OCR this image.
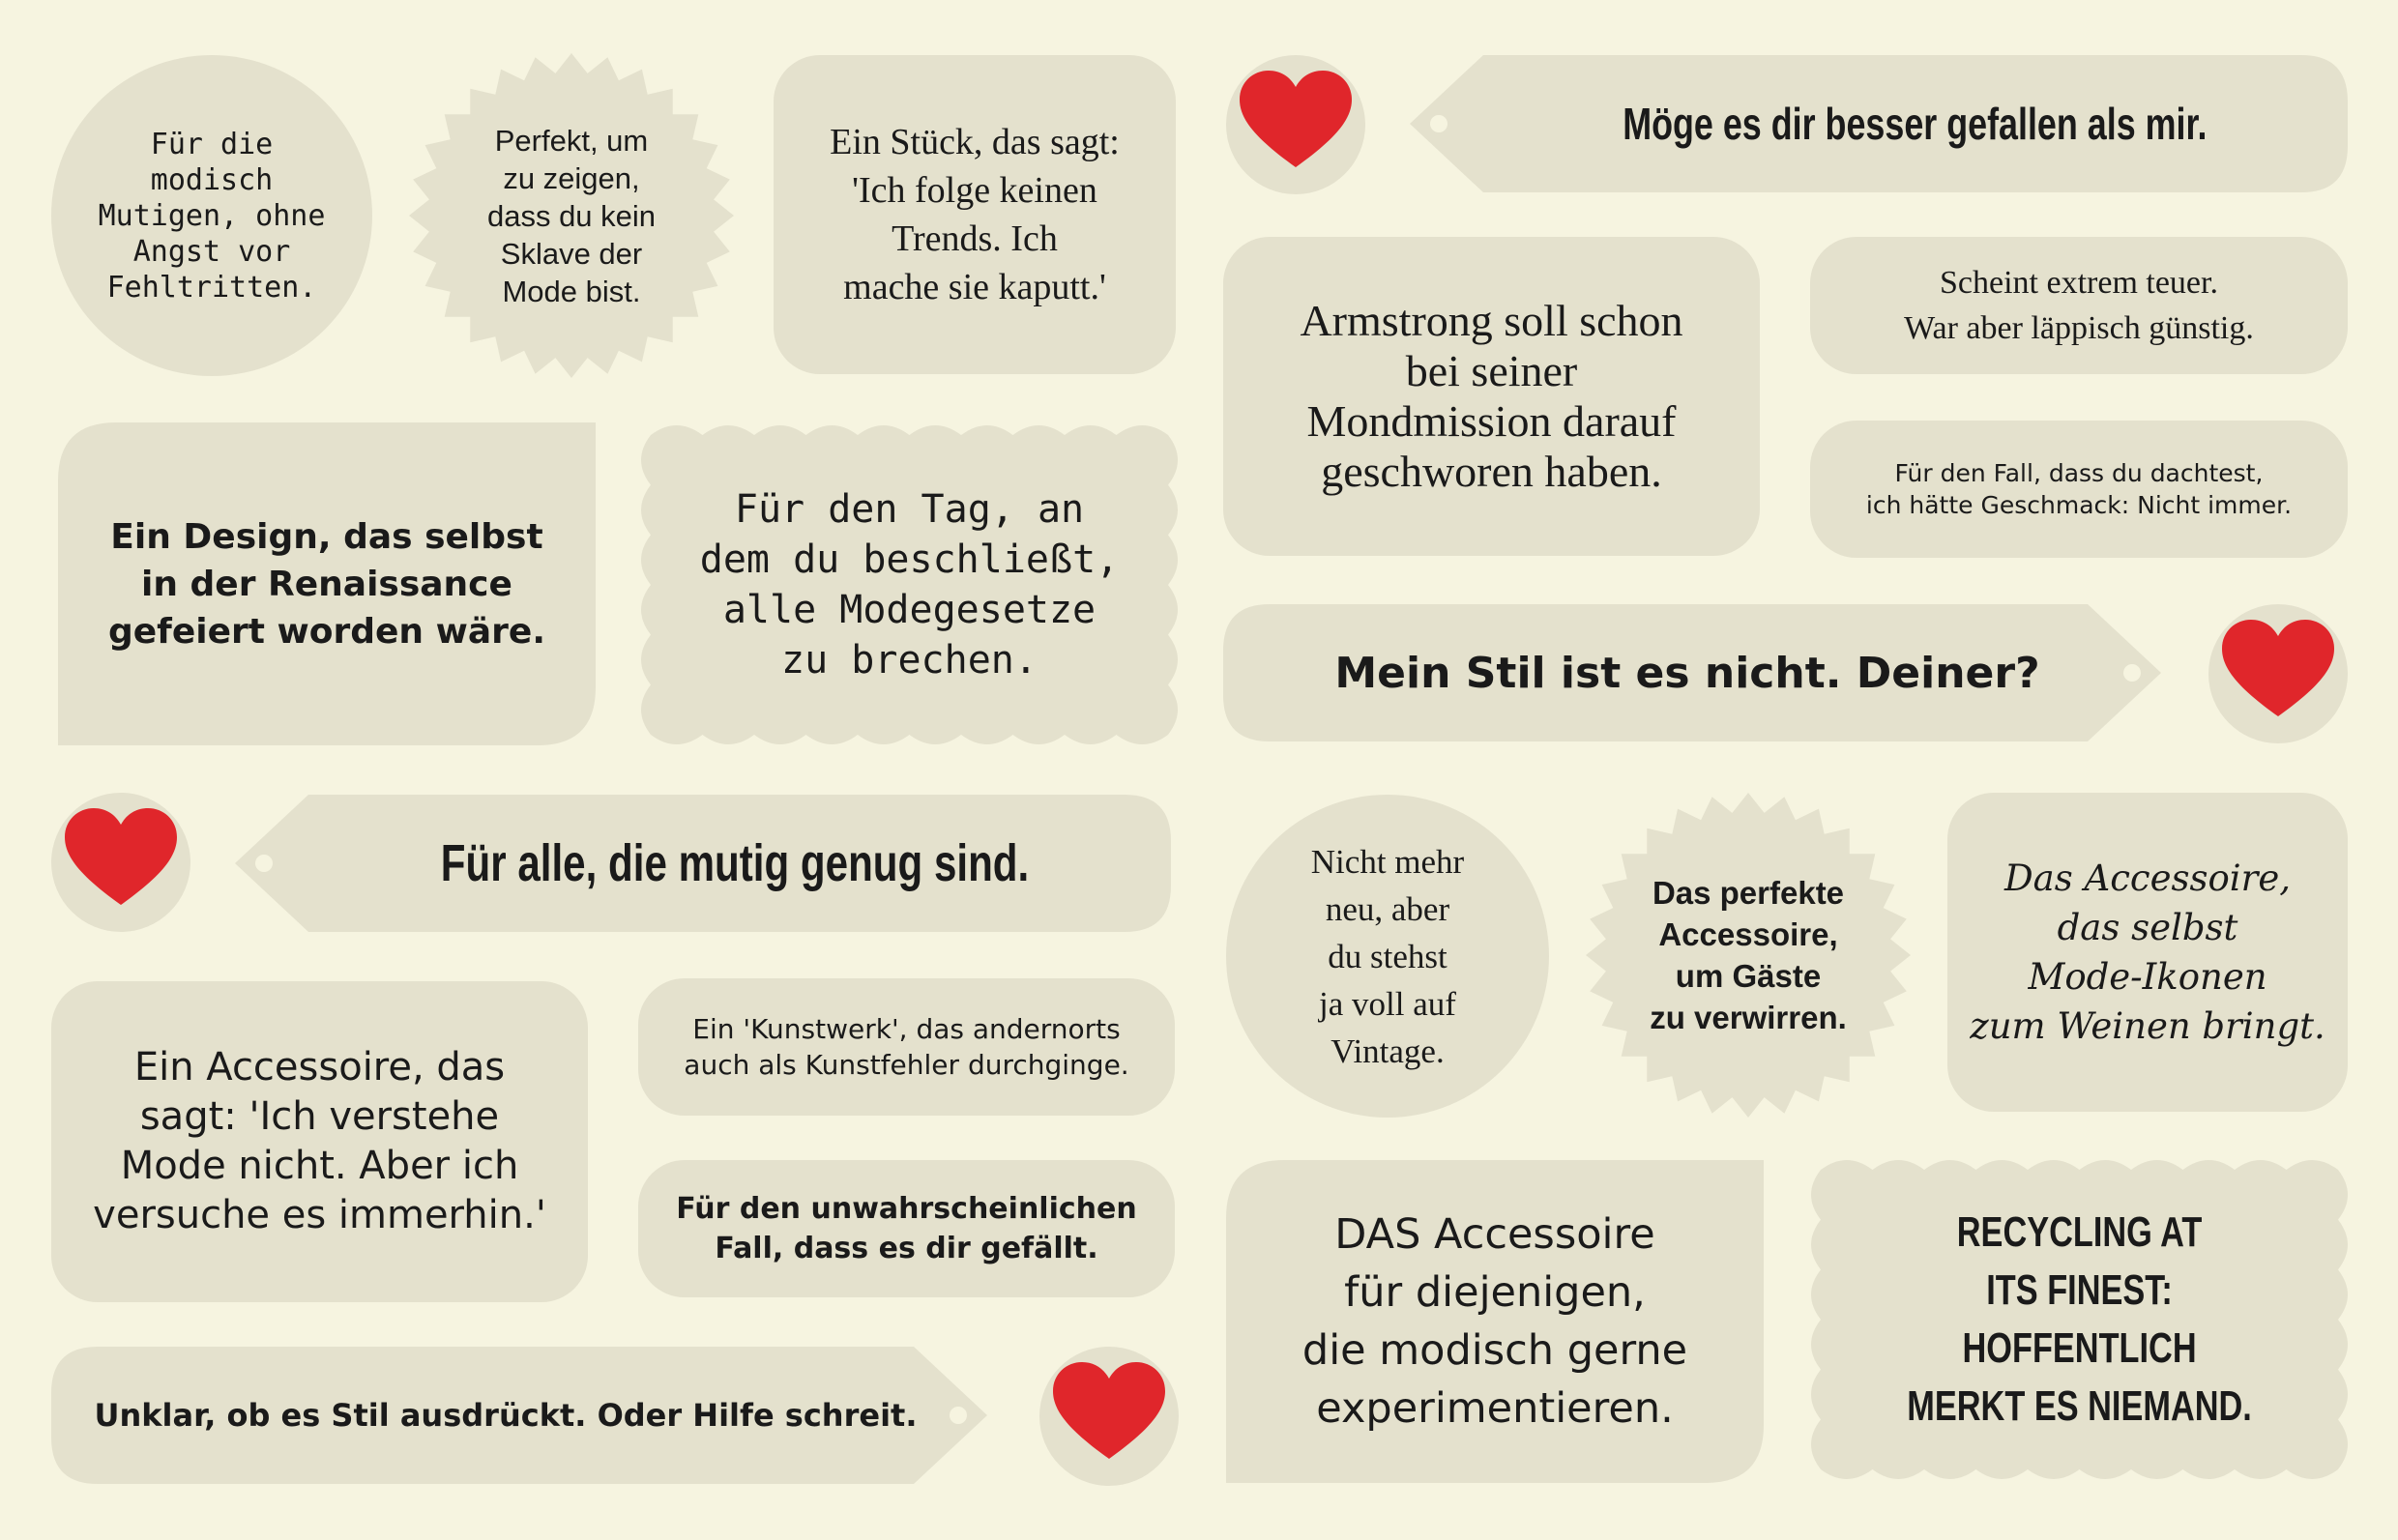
Für die
modisch
Mutigen, ohne
Angst vor
Fehltritten.
Perfekt, um
zu zeigen,
dass du kein
Sklave der
Mode bist.
Ein Stück, das sagt:
'Ich folge keinen
Trends. Ich
mache sie kaputt.'
Möge es dir besser gefallen als mir.
Armstrong soll schon
bei seiner
Mondmission darauf
geschworen haben.
Scheint extrem teuer.
War aber läppisch günstig.
Für den Fall, dass du dachtest,
ich hätte Geschmack: Nicht immer.
Ein Design, das selbst
in der Renaissance
gefeiert worden wäre.
Für den Tag, an
dem du beschließt,
alle Modegesetze
zu brechen.	Mein Stil ist es nicht. Deiner?
Für alle, die mutig genug sind.	Nicht mehr
neu, aber
du stehst
ja voll auf
Vintage.
Das perfekte
Accessoire,
um Gäste
zu verwirren.
Das Accessoire,
das selbst
Mode-Ikonen
zum Weinen bringt.
Ein Accessoire, das
sagt: 'Ich verstehe
Mode nicht. Aber ich
versuche es immerhin.'
Ein 'Kunstwerk', das andernorts
auch als Kunstfehler durchginge.
Für den unwahrscheinlichen
Fall, dass es dir gefällt.
Unklar, ob es Stil ausdrückt. Oder Hilfe schreit.
DAS Accessoire
für diejenigen,
die modisch gerne
experimentieren.
RECYCLING AT
ITS FINEST:
HOFFENTLICH
MERKT ES NIEMAND.
